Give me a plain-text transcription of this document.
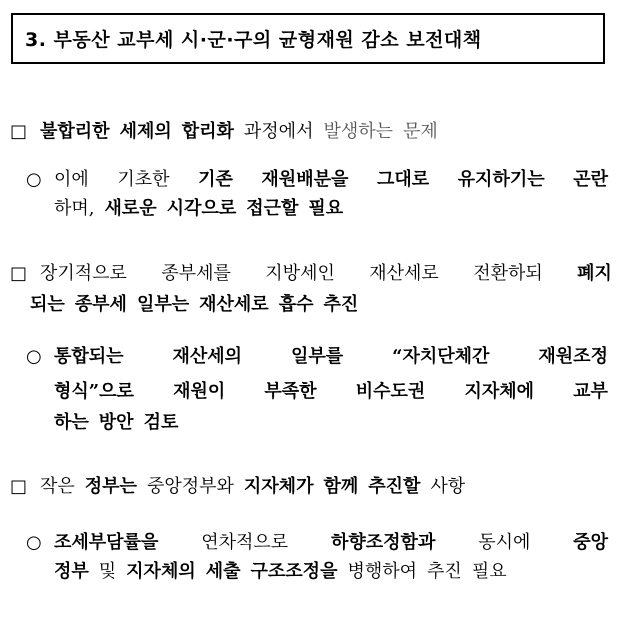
3. 부동산 교부세 시·군·구의 균형재원 감소 보전대책
□ 불합리한 세제의 합리화 과정에서 발생하는 문제
○ 이에 기초한 기존 재원배분을 그대로 유지하기는 곤란
하며, 새로운 시각으로 접근할 필요
□ 장기적으로 종부세를 지방세인 재산세로 전환하되 폐지
되는 종부세 일부는 재산세로 흡수 추진
○ 통합되는	재산세의	일부를	“자치단체간	재원조정
형식”으로 재원이 부족한 비수도권 지자체에 교부
하는 방안 검토
□ 작은 정부는 중앙정부와 지자체가 함께 추진할 사항
○ 조세부담률을 연차적으로 하향조정함과 동시에 중앙
정부 및 지자체의 세출 구조조정을 병행하여 추진 필요
